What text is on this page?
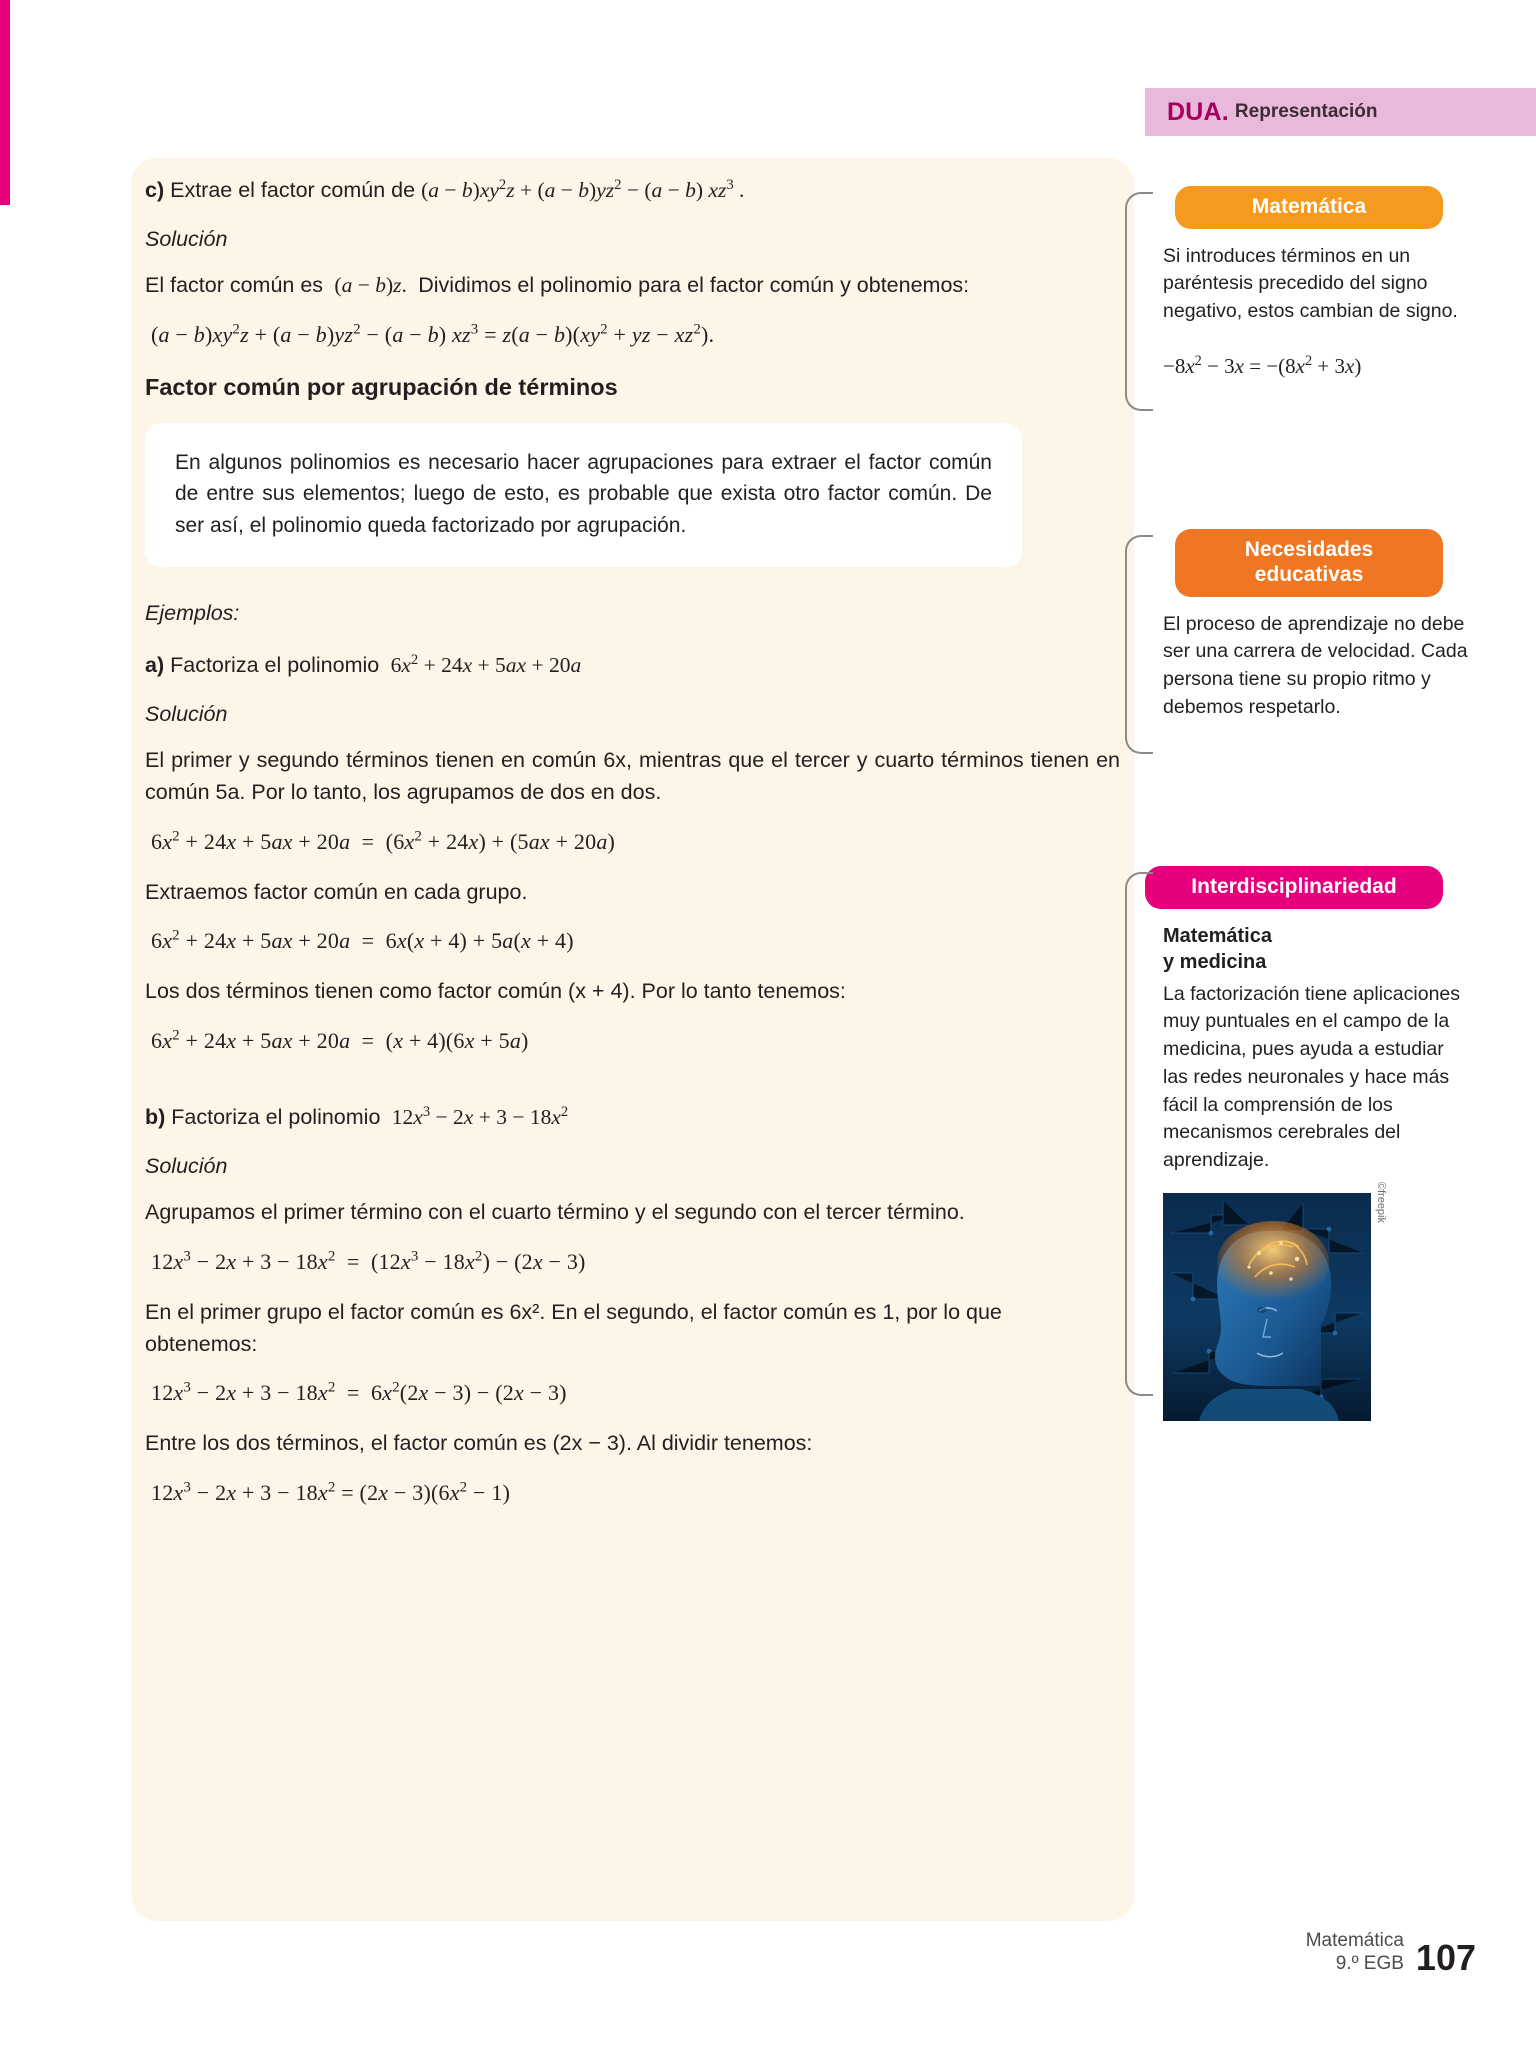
DUA. Representación

c) Extrae el factor común de $(a - b)xy^2z + (a - b)yz^2 - (a - b)$ $xz^3$ .

Solución

El factor común es  (a − b)z.  Dividimos el polinomio para el factor común y obtenemos:

$(a - b)xy^2z + (a - b)yz^2 - (a - b)$ $xz^3 = z(a - b)(xy^2$ + yz − $xz^2$).

Factor común por agrupación de términos

En algunos polinomios es necesario hacer agrupaciones para extraer el factor común de entre sus elementos; luego de esto, es probable que exista otro factor común. De ser así, el polinomio queda factorizado por agrupación.

Ejemplos:

a) Factoriza el polinomio  $6x^2 + 24x + 5ax + 20a$

Solución

El primer y segundo términos tienen en común 6x, mientras que el tercer y cuarto términos tienen en común 5a. Por lo tanto, los agrupamos de dos en dos.

$6x^2 + 24x + 5ax + 20a = (6x^2 + 24x) + (5ax + 20a)$

Extraemos factor común en cada grupo.

$6x^2 + 24x + 5ax + 20a = 6x(x + 4) + 5a(x + 4)$

Los dos términos tienen como factor común (x + 4). Por lo tanto tenemos:

$6x^2 + 24x + 5ax + 20a = (x + 4)(6x + 5a)$

b) Factoriza el polinomio  $12x^3 - 2x + 3 - 18x^2$

Solución

Agrupamos el primer término con el cuarto término y el segundo con el tercer término.

$12x^3 - 2x + 3 - 18x^2 = (12x^3 - 18x^2) - (2x - 3)$

En el primer grupo el factor común es 6x². En el segundo, el factor común es 1, por lo que obtenemos:

$12x^3 - 2x + 3 - 18x^2 = 6x^2(2x - 3) - (2x - 3)$

Entre los dos términos, el factor común es (2x − 3). Al dividir tenemos:

$12x^3 - 2x + 3 - 18x^2 = (2x - 3)(6x^2 - 1)$

Matemática
Si introduces términos en un paréntesis precedido del signo negativo, estos cambian de signo.
$-8x^2 - 3x = -(8x^2 + 3x)$
Necesidades
educativas
El proceso de aprendizaje no debe ser una carrera de velocidad. Cada persona tiene su propio ritmo y debemos respetarlo.
Interdisciplinariedad
Matemática
y medicina
La factorización tiene aplicaciones muy puntuales en el campo de la medicina, pues ayuda a estudiar las redes neuronales y hace más fácil la comprensión de los mecanismos cerebrales del aprendizaje.
©freepik
Matemática
9.º EGB 107
